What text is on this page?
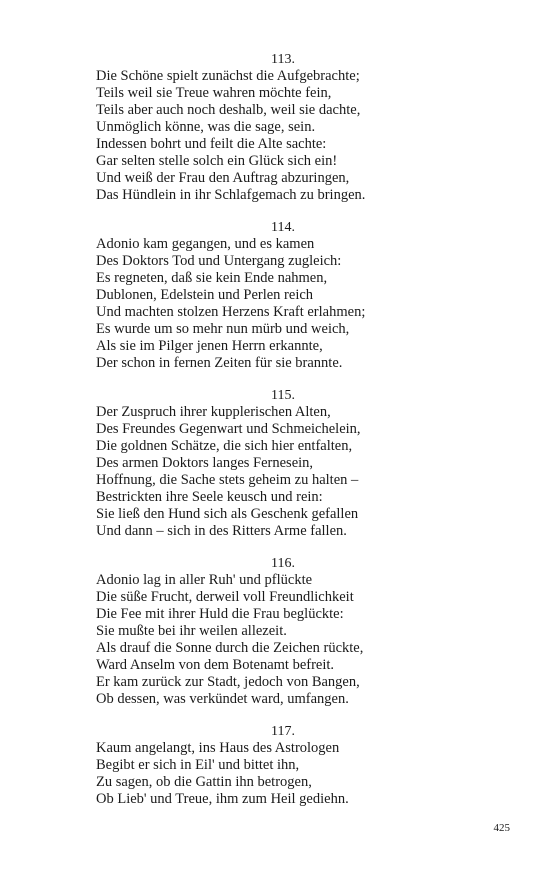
113.
Die Schöne spielt zunächst die Aufgebrachte;
Teils weil sie Treue wahren möchte fein,
Teils aber auch noch deshalb, weil sie dachte,
Unmöglich könne, was die sage, sein.
Indessen bohrt und feilt die Alte sachte:
Gar selten stelle solch ein Glück sich ein!
Und weiß der Frau den Auftrag abzuringen,
Das Hündlein in ihr Schlafgemach zu bringen.
114.
Adonio kam gegangen, und es kamen
Des Doktors Tod und Untergang zugleich:
Es regneten, daß sie kein Ende nahmen,
Dublonen, Edelstein und Perlen reich
Und machten stolzen Herzens Kraft erlahmen;
Es wurde um so mehr nun mürb und weich,
Als sie im Pilger jenen Herrn erkannte,
Der schon in fernen Zeiten für sie brannte.
115.
Der Zuspruch ihrer kupplerischen Alten,
Des Freundes Gegenwart und Schmeichelein,
Die goldnen Schätze, die sich hier entfalten,
Des armen Doktors langes Fernesein,
Hoffnung, die Sache stets geheim zu halten –
Bestrickten ihre Seele keusch und rein:
Sie ließ den Hund sich als Geschenk gefallen
Und dann – sich in des Ritters Arme fallen.
116.
Adonio lag in aller Ruh' und pflückte
Die süße Frucht, derweil voll Freundlichkeit
Die Fee mit ihrer Huld die Frau beglückte:
Sie mußte bei ihr weilen allezeit.
Als drauf die Sonne durch die Zeichen rückte,
Ward Anselm von dem Botenamt befreit.
Er kam zurück zur Stadt, jedoch von Bangen,
Ob dessen, was verkündet ward, umfangen.
117.
Kaum angelangt, ins Haus des Astrologen
Begibt er sich in Eil' und bittet ihn,
Zu sagen, ob die Gattin ihn betrogen,
Ob Lieb' und Treue, ihm zum Heil gediehn.
425
